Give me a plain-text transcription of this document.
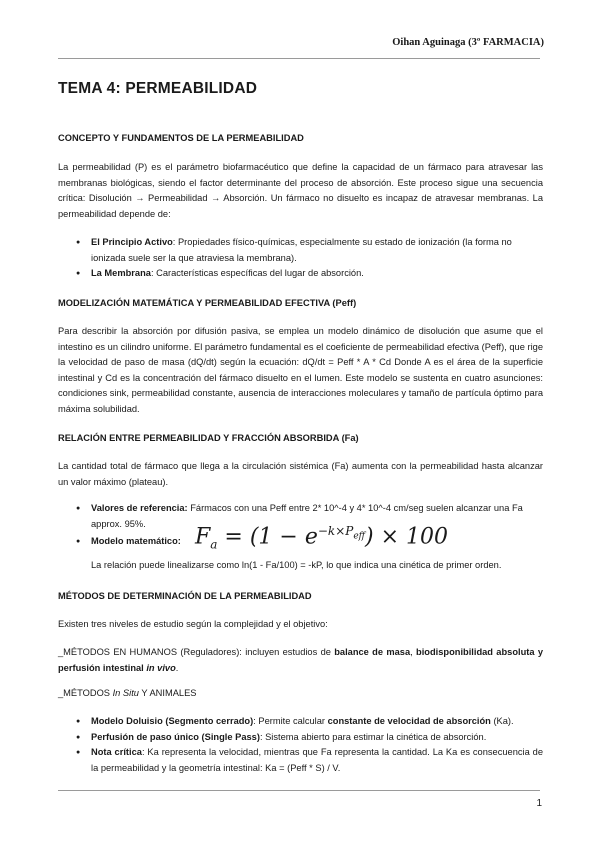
Oihan Aguinaga (3º FARMACIA)
TEMA 4: PERMEABILIDAD
CONCEPTO Y FUNDAMENTOS DE LA PERMEABILIDAD
La permeabilidad (P) es el parámetro biofarmacéutico que define la capacidad de un fármaco para atravesar las membranas biológicas, siendo el factor determinante del proceso de absorción. Este proceso sigue una secuencia crítica: Disolución → Permeabilidad → Absorción. Un fármaco no disuelto es incapaz de atravesar membranas. La permeabilidad depende de:
● El Principio Activo: Propiedades físico-químicas, especialmente su estado de ionización (la forma no ionizada suele ser la que atraviesa la membrana).
● La Membrana: Características específicas del lugar de absorción.
MODELIZACIÓN MATEMÁTICA Y PERMEABILIDAD EFECTIVA (Peff)
Para describir la absorción por difusión pasiva, se emplea un modelo dinámico de disolución que asume que el intestino es un cilindro uniforme. El parámetro fundamental es el coeficiente de permeabilidad efectiva (Peff), que rige la velocidad de paso de masa (dQ/dt) según la ecuación: dQ/dt = Peff * A * Cd Donde A es el área de la superficie intestinal y Cd es la concentración del fármaco disuelto en el lumen. Este modelo se sustenta en cuatro asunciones: condiciones sink, permeabilidad constante, ausencia de interacciones moleculares y tamaño de partícula óptimo para máxima solubilidad.
RELACIÓN ENTRE PERMEABILIDAD Y FRACCIÓN ABSORBIDA (Fa)
La cantidad total de fármaco que llega a la circulación sistémica (Fa) aumenta con la permeabilidad hasta alcanzar un valor máximo (plateau).
● Valores de referencia: Fármacos con una Peff entre 2* 10^-4 y 4* 10^-4 cm/seg suelen alcanzar una Fa approx. 95%.
● Modelo matemático: $F_a = (1 - e^{-k\times P_{eff}}) \times 100$
La relación puede linealizarse como ln(1 - Fa/100) = -kP, lo que indica una cinética de primer orden.
MÉTODOS DE DETERMINACIÓN DE LA PERMEABILIDAD
Existen tres niveles de estudio según la complejidad y el objetivo:
_MÉTODOS EN HUMANOS (Reguladores): incluyen estudios de balance de masa, biodisponibilidad absoluta y perfusión intestinal in vivo.
_MÉTODOS In Situ Y ANIMALES
● Modelo Doluisio (Segmento cerrado): Permite calcular constante de velocidad de absorción (Ka).
● Perfusión de paso único (Single Pass): Sistema abierto para estimar la cinética de absorción.
● Nota crítica: Ka representa la velocidad, mientras que Fa representa la cantidad. La Ka es consecuencia de la permeabilidad y la geometría intestinal: Ka = (Peff * S) / V.
1
